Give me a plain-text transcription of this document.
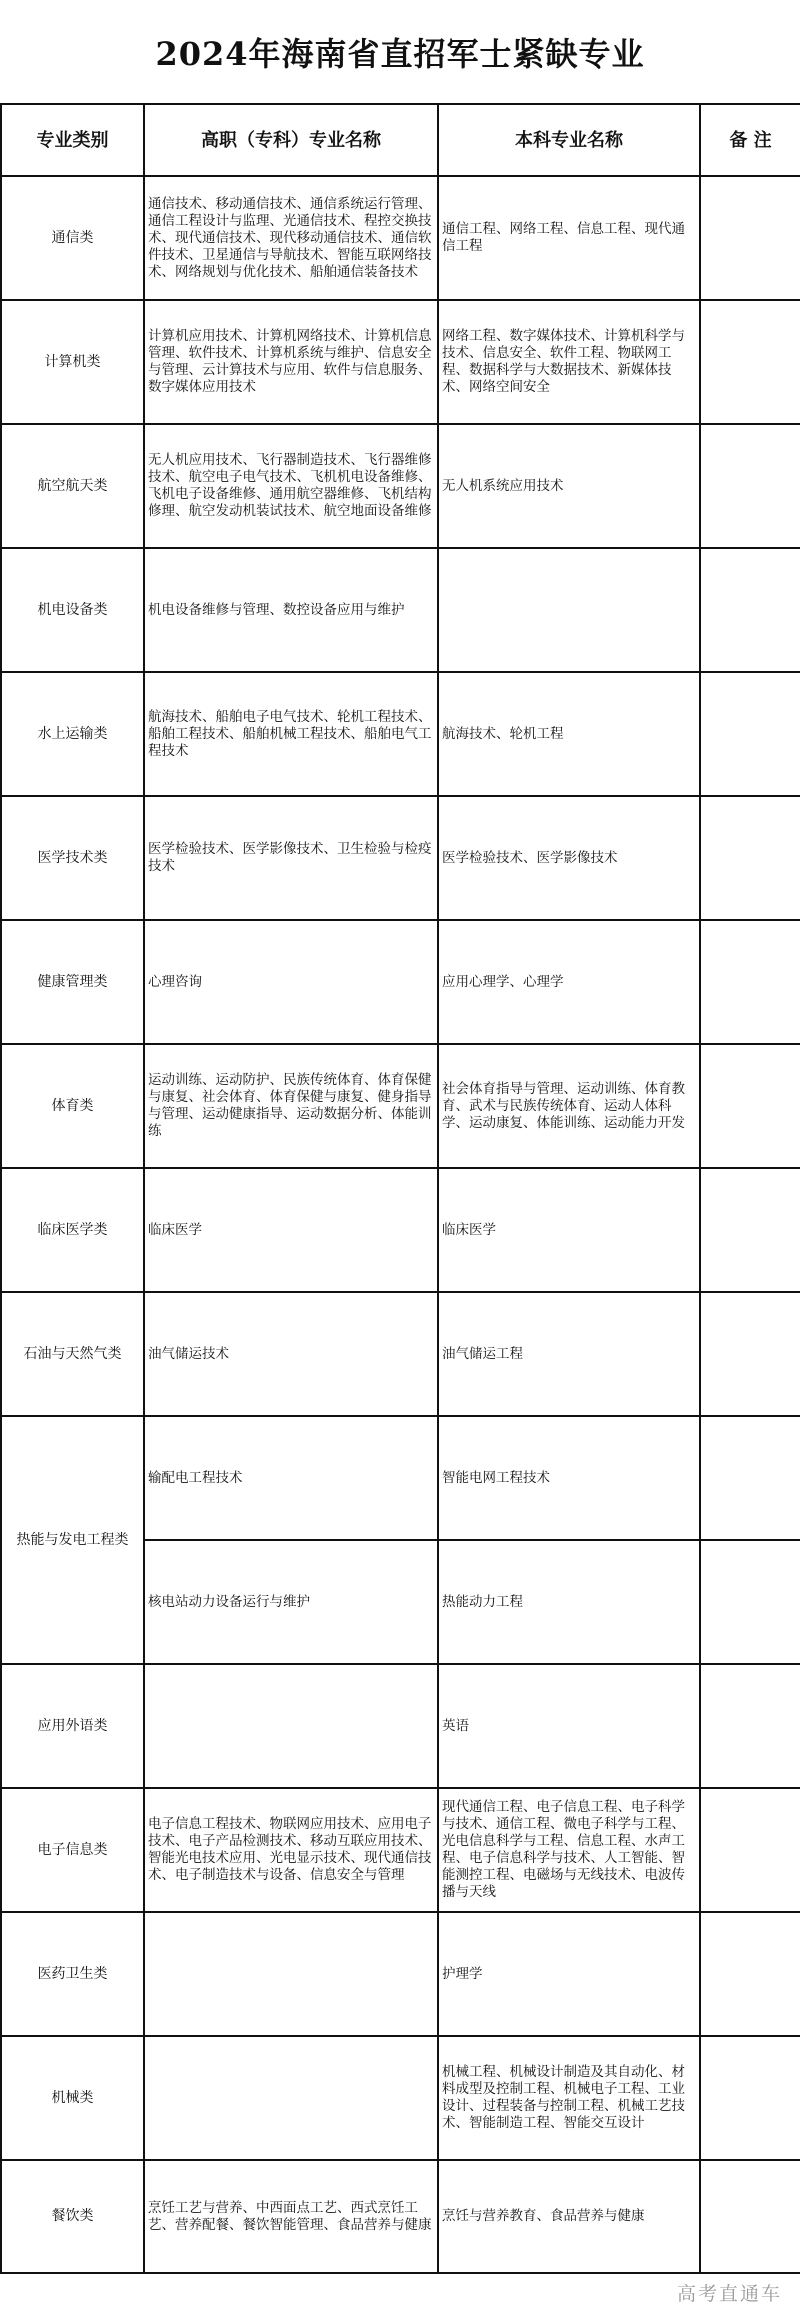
2024年海南省直招军士紧缺专业
专业类别	高职（专科）专业名称	本科专业名称	备 注
通信类	通信技术、移动通信技术、通信系统运行管理、通信工程设计与监理、光通信技术、程控交换技术、现代通信技术、现代移动通信技术、通信软件技术、卫星通信与导航技术、智能互联网络技术、网络规划与优化技术、船舶通信装备技术	通信工程、网络工程、信息工程、现代通信工程	
计算机类	计算机应用技术、计算机网络技术、计算机信息管理、软件技术、计算机系统与维护、信息安全与管理、云计算技术与应用、软件与信息服务、数字媒体应用技术	网络工程、数字媒体技术、计算机科学与技术、信息安全、软件工程、物联网工程、数据科学与大数据技术、新媒体技术、网络空间安全	
航空航天类	无人机应用技术、飞行器制造技术、飞行器维修技术、航空电子电气技术、飞机机电设备维修、飞机电子设备维修、通用航空器维修、飞机结构修理、航空发动机装试技术、航空地面设备维修	无人机系统应用技术	
机电设备类	机电设备维修与管理、数控设备应用与维护		
水上运输类	航海技术、船舶电子电气技术、轮机工程技术、船舶工程技术、船舶机械工程技术、船舶电气工程技术	航海技术、轮机工程	
医学技术类	医学检验技术、医学影像技术、卫生检验与检疫技术	医学检验技术、医学影像技术	
健康管理类	心理咨询	应用心理学、心理学	
体育类	运动训练、运动防护、民族传统体育、体育保健与康复、社会体育、体育保健与康复、健身指导与管理、运动健康指导、运动数据分析、体能训练	社会体育指导与管理、运动训练、体育教育、武术与民族传统体育、运动人体科学、运动康复、体能训练、运动能力开发	
临床医学类	临床医学	临床医学	
石油与天然气类	油气储运技术	油气储运工程	
热能与发电工程类	输配电工程技术	智能电网工程技术	
	核电站动力设备运行与维护	热能动力工程	
应用外语类		英语	
电子信息类	电子信息工程技术、物联网应用技术、应用电子技术、电子产品检测技术、移动互联应用技术、智能光电技术应用、光电显示技术、现代通信技术、电子制造技术与设备、信息安全与管理	现代通信工程、电子信息工程、电子科学与技术、通信工程、微电子科学与工程、光电信息科学与工程、信息工程、水声工程、电子信息科学与技术、人工智能、智能测控工程、电磁场与无线技术、电波传播与天线	
医药卫生类		护理学	
机械类		机械工程、机械设计制造及其自动化、材料成型及控制工程、机械电子工程、工业设计、过程装备与控制工程、机械工艺技术、智能制造工程、智能交互设计	
餐饮类	烹饪工艺与营养、中西面点工艺、西式烹饪工艺、营养配餐、餐饮智能管理、食品营养与健康	烹饪与营养教育、食品营养与健康	
高考直通车
